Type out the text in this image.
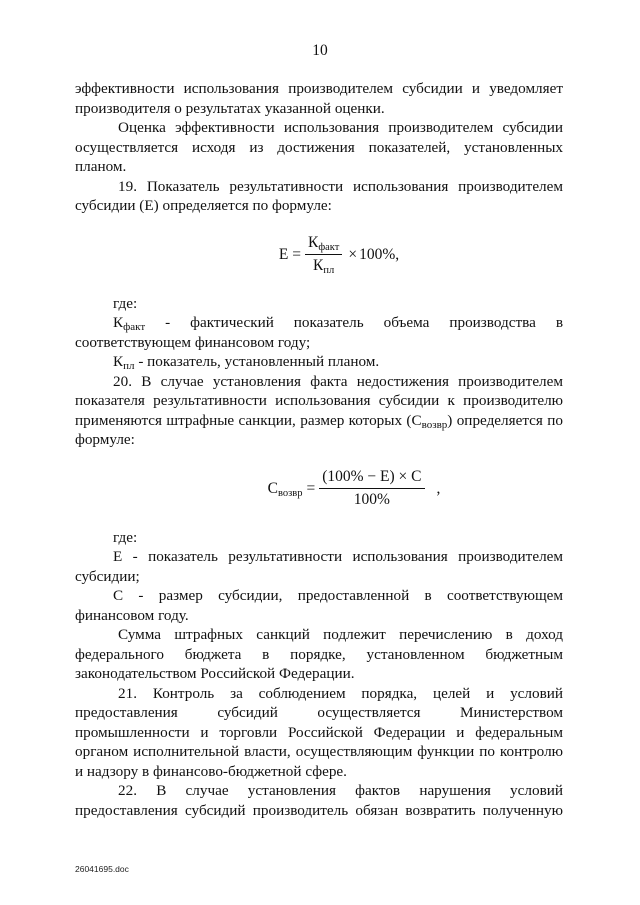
10

эффективности использования производителем субсидии и уведомляет производителя о результатах указанной оценки.

Оценка эффективности использования производителем субсидии осуществляется исходя из достижения показателей, установленных планом.

19. Показатель результативности использования производителем субсидии (Е) определяется по формуле:

$Е = \frac{К_{факт}}{К_{пл}} \times 100\%$,

где:

$К_{факт}$ - фактический показатель объема производства в соответствующем финансовом году;

$К_{пл}$ - показатель, установленный планом.

20. В случае установления факта недостижения производителем показателя результативности использования субсидии к производителю применяются штрафные санкции, размер которых $(С_{возвр})$ определяется по формуле:

$С_{возвр} = \frac{(100\% - Е) \times С}{100\%}$ ,

где:

Е - показатель результативности использования производителем субсидии;

С - размер субсидии, предоставленной в соответствующем финансовом году.

Сумма штрафных санкций подлежит перечислению в доход федерального бюджета в порядке, установленном бюджетным законодательством Российской Федерации.

21. Контроль за соблюдением порядка, целей и условий предоставления субсидий осуществляется Министерством промышленности и торговли Российской Федерации и федеральным органом исполнительной власти, осуществляющим функции по контролю и надзору в финансово-бюджетной сфере.

22. В случае установления фактов нарушения условий предоставления субсидий производитель обязан возвратить полученную

26041695.doc
